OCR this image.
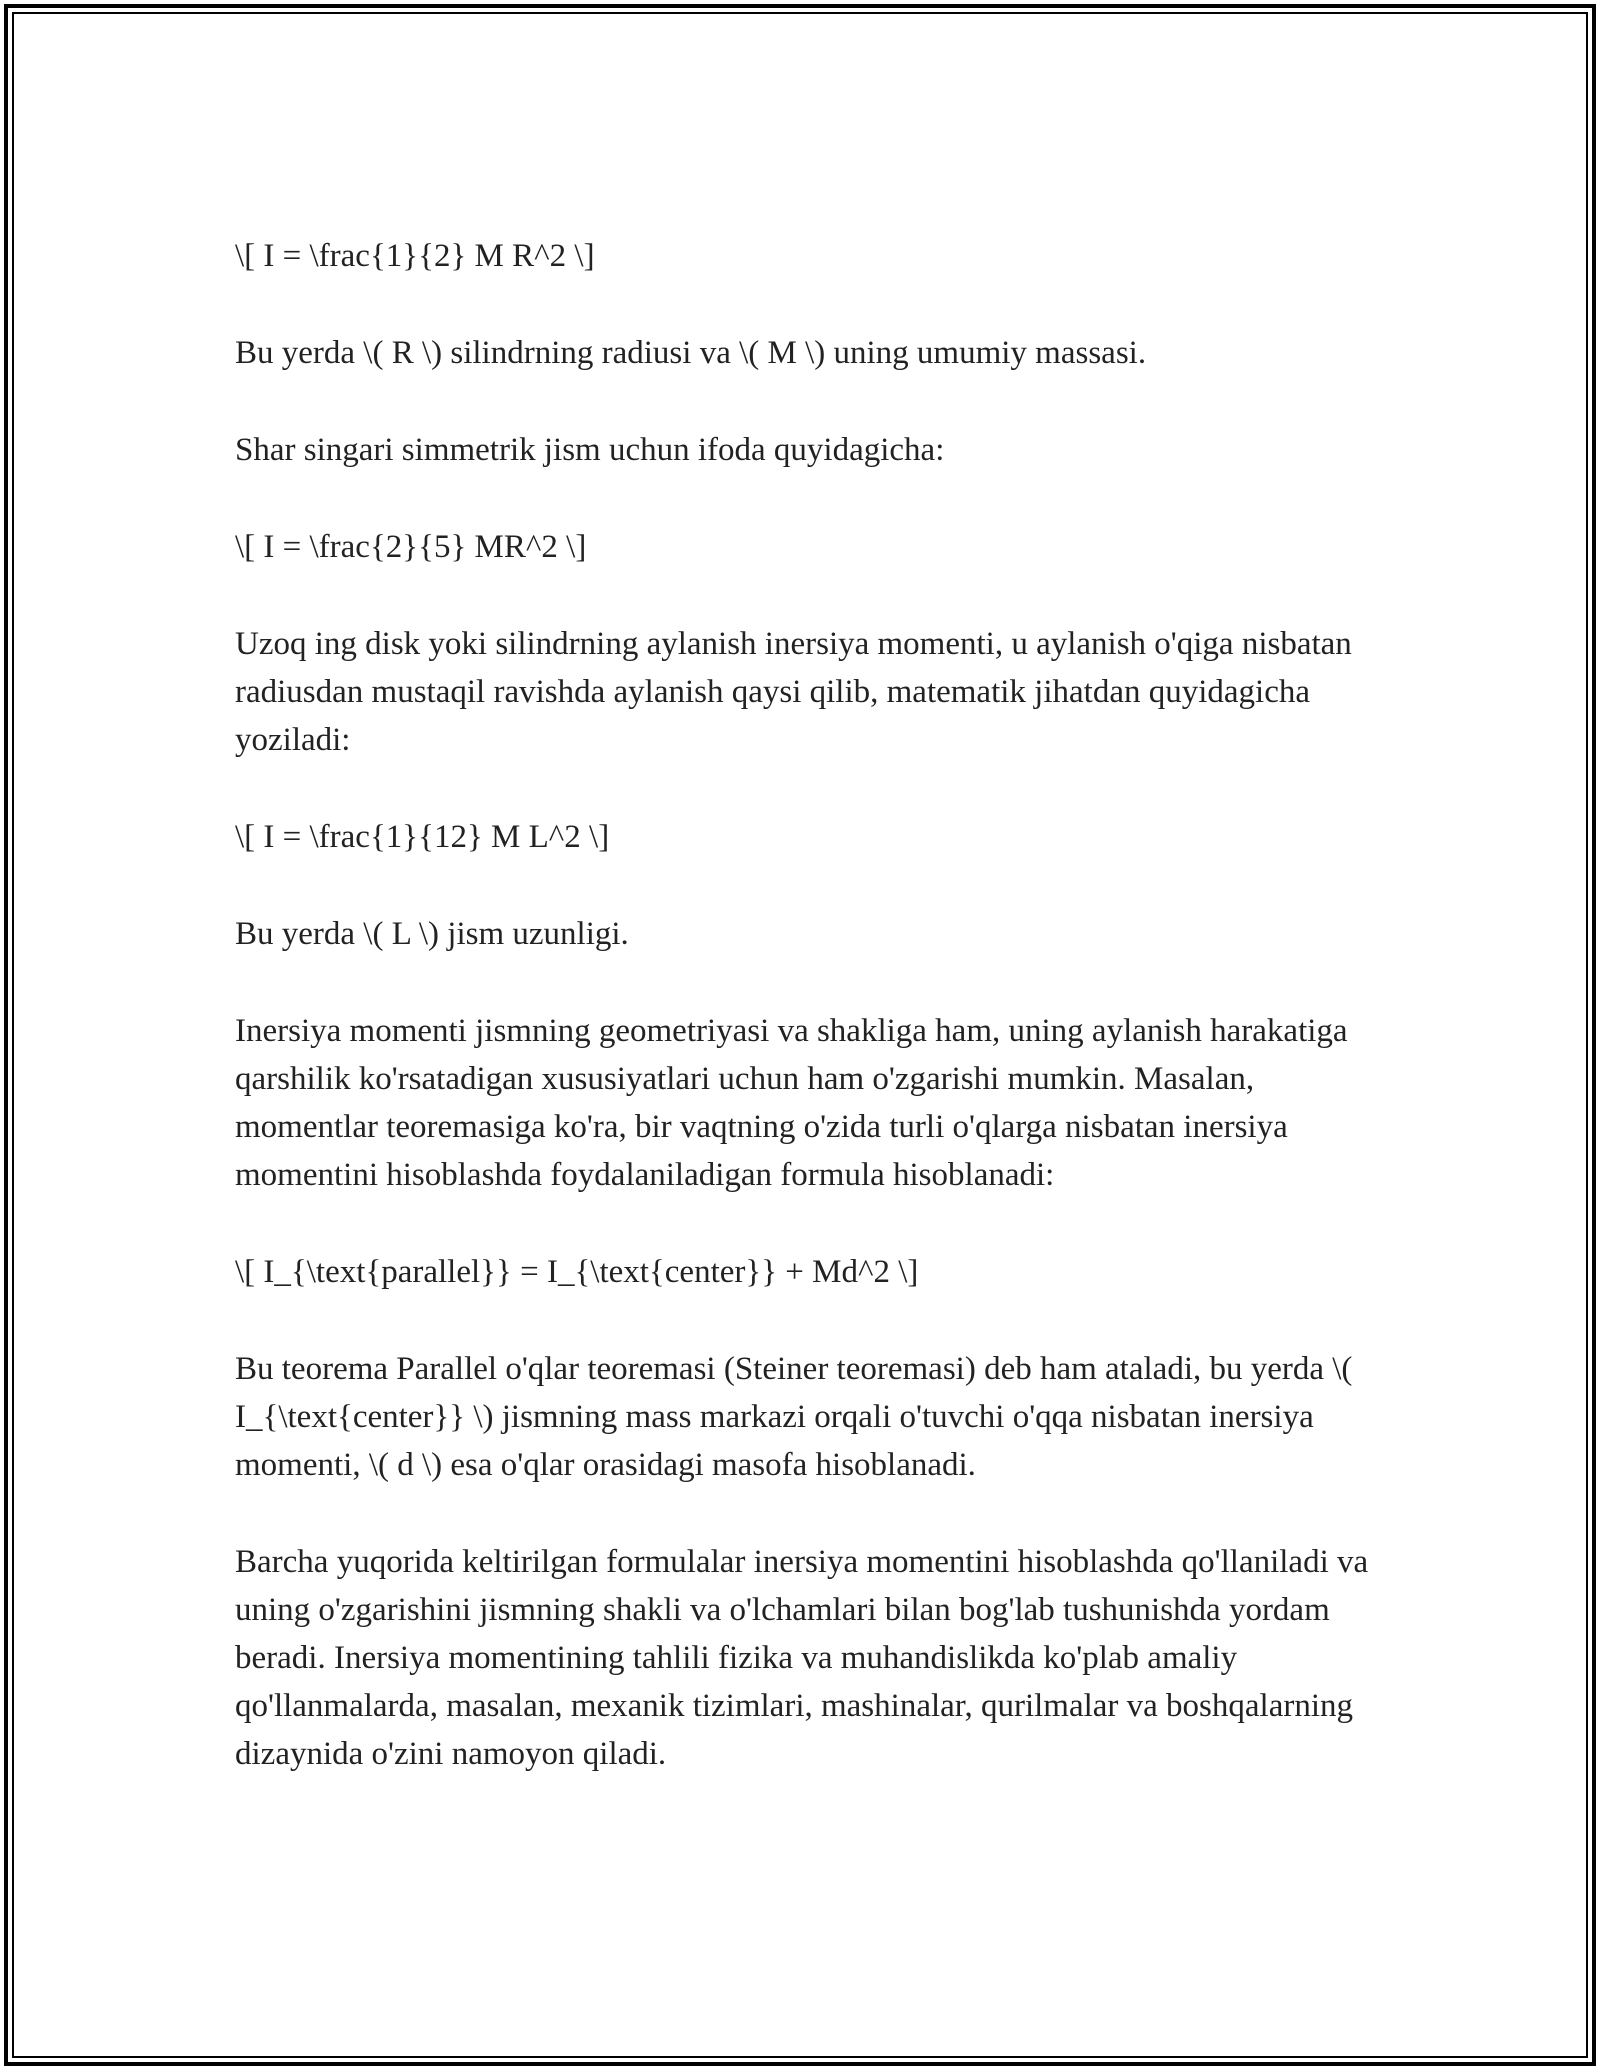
\[ I = \frac{1}{2} M R^2 \]

Bu yerda \( R \) silindrning radiusi va \( M \) uning umumiy massasi.

Shar singari simmetrik jism uchun ifoda quyidagicha:

\[ I = \frac{2}{5} MR^2 \]

Uzoq ing disk yoki silindrning aylanish inersiya momenti, u aylanish o'qiga nisbatan radiusdan mustaqil ravishda aylanish qaysi qilib, matematik jihatdan quyidagicha yoziladi:

\[ I = \frac{1}{12} M L^2 \]

Bu yerda \( L \) jism uzunligi.

Inersiya momenti jismning geometriyasi va shakliga ham, uning aylanish harakatiga qarshilik ko'rsatadigan xususiyatlari uchun ham o'zgarishi mumkin. Masalan, momentlar teoremasiga ko'ra, bir vaqtning o'zida turli o'qlarga nisbatan inersiya momentini hisoblashda foydalaniladigan formula hisoblanadi:

\[ I_{\text{parallel}} = I_{\text{center}} + Md^2 \]

Bu teorema Parallel o'qlar teoremasi (Steiner teoremasi) deb ham ataladi, bu yerda \( I_{\text{center}} \) jismning mass markazi orqali o'tuvchi o'qqa nisbatan inersiya momenti, \( d \) esa o'qlar orasidagi masofa hisoblanadi.

Barcha yuqorida keltirilgan formulalar inersiya momentini hisoblashda qo'llaniladi va uning o'zgarishini jismning shakli va o'lchamlari bilan bog'lab tushunishda yordam beradi. Inersiya momentining tahlili fizika va muhandislikda ko'plab amaliy qo'llanmalarda, masalan, mexanik tizimlari, mashinalar, qurilmalar va boshqalarning dizaynida o'zini namoyon qiladi.
